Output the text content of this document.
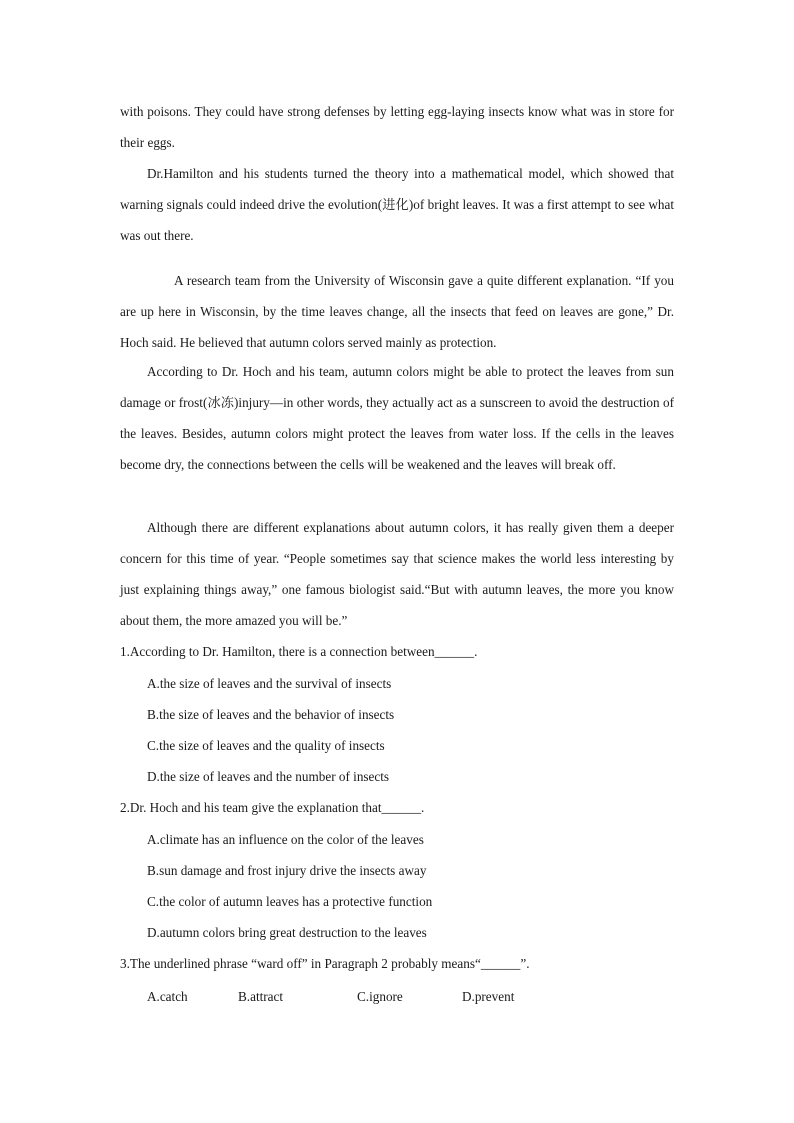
with poisons. They could have strong defenses by letting egg-laying insects know what was in store for their eggs.

Dr.Hamilton and his students turned the theory into a mathematical model, which showed that warning signals could indeed drive the evolution(进化)of bright leaves. It was a first attempt to see what was out there.

A research team from the University of Wisconsin gave a quite different explanation. “If you are up here in Wisconsin, by the time leaves change, all the insects that feed on leaves are gone,” Dr. Hoch said. He believed that autumn colors served mainly as protection.

According to Dr. Hoch and his team, autumn colors might be able to protect the leaves from sun damage or frost(冰冻)injury—in other words, they actually act as a sunscreen to avoid the destruction of the leaves. Besides, autumn colors might protect the leaves from water loss. If the cells in the leaves become dry, the connections between the cells will be weakened and the leaves will break off.

Although there are different explanations about autumn colors, it has really given them a deeper concern for this time of year. “People sometimes say that science makes the world less interesting by just explaining things away,” one famous biologist said.“But with autumn leaves, the more you know about them, the more amazed you will be.”

1.According to Dr. Hamilton, there is a connection between______.

A.the size of leaves and the survival of insects

B.the size of leaves and the behavior of insects

C.the size of leaves and the quality of insects

D.the size of leaves and the number of insects

2.Dr. Hoch and his team give the explanation that______.

A.climate has an influence on the color of the leaves

B.sun damage and frost injury drive the insects away

C.the color of autumn leaves has a protective function

D.autumn colors bring great destruction to the leaves

3.The underlined phrase “ward off” in Paragraph 2 probably means“______”.

A.catch	B.attract	C.ignore	D.prevent
